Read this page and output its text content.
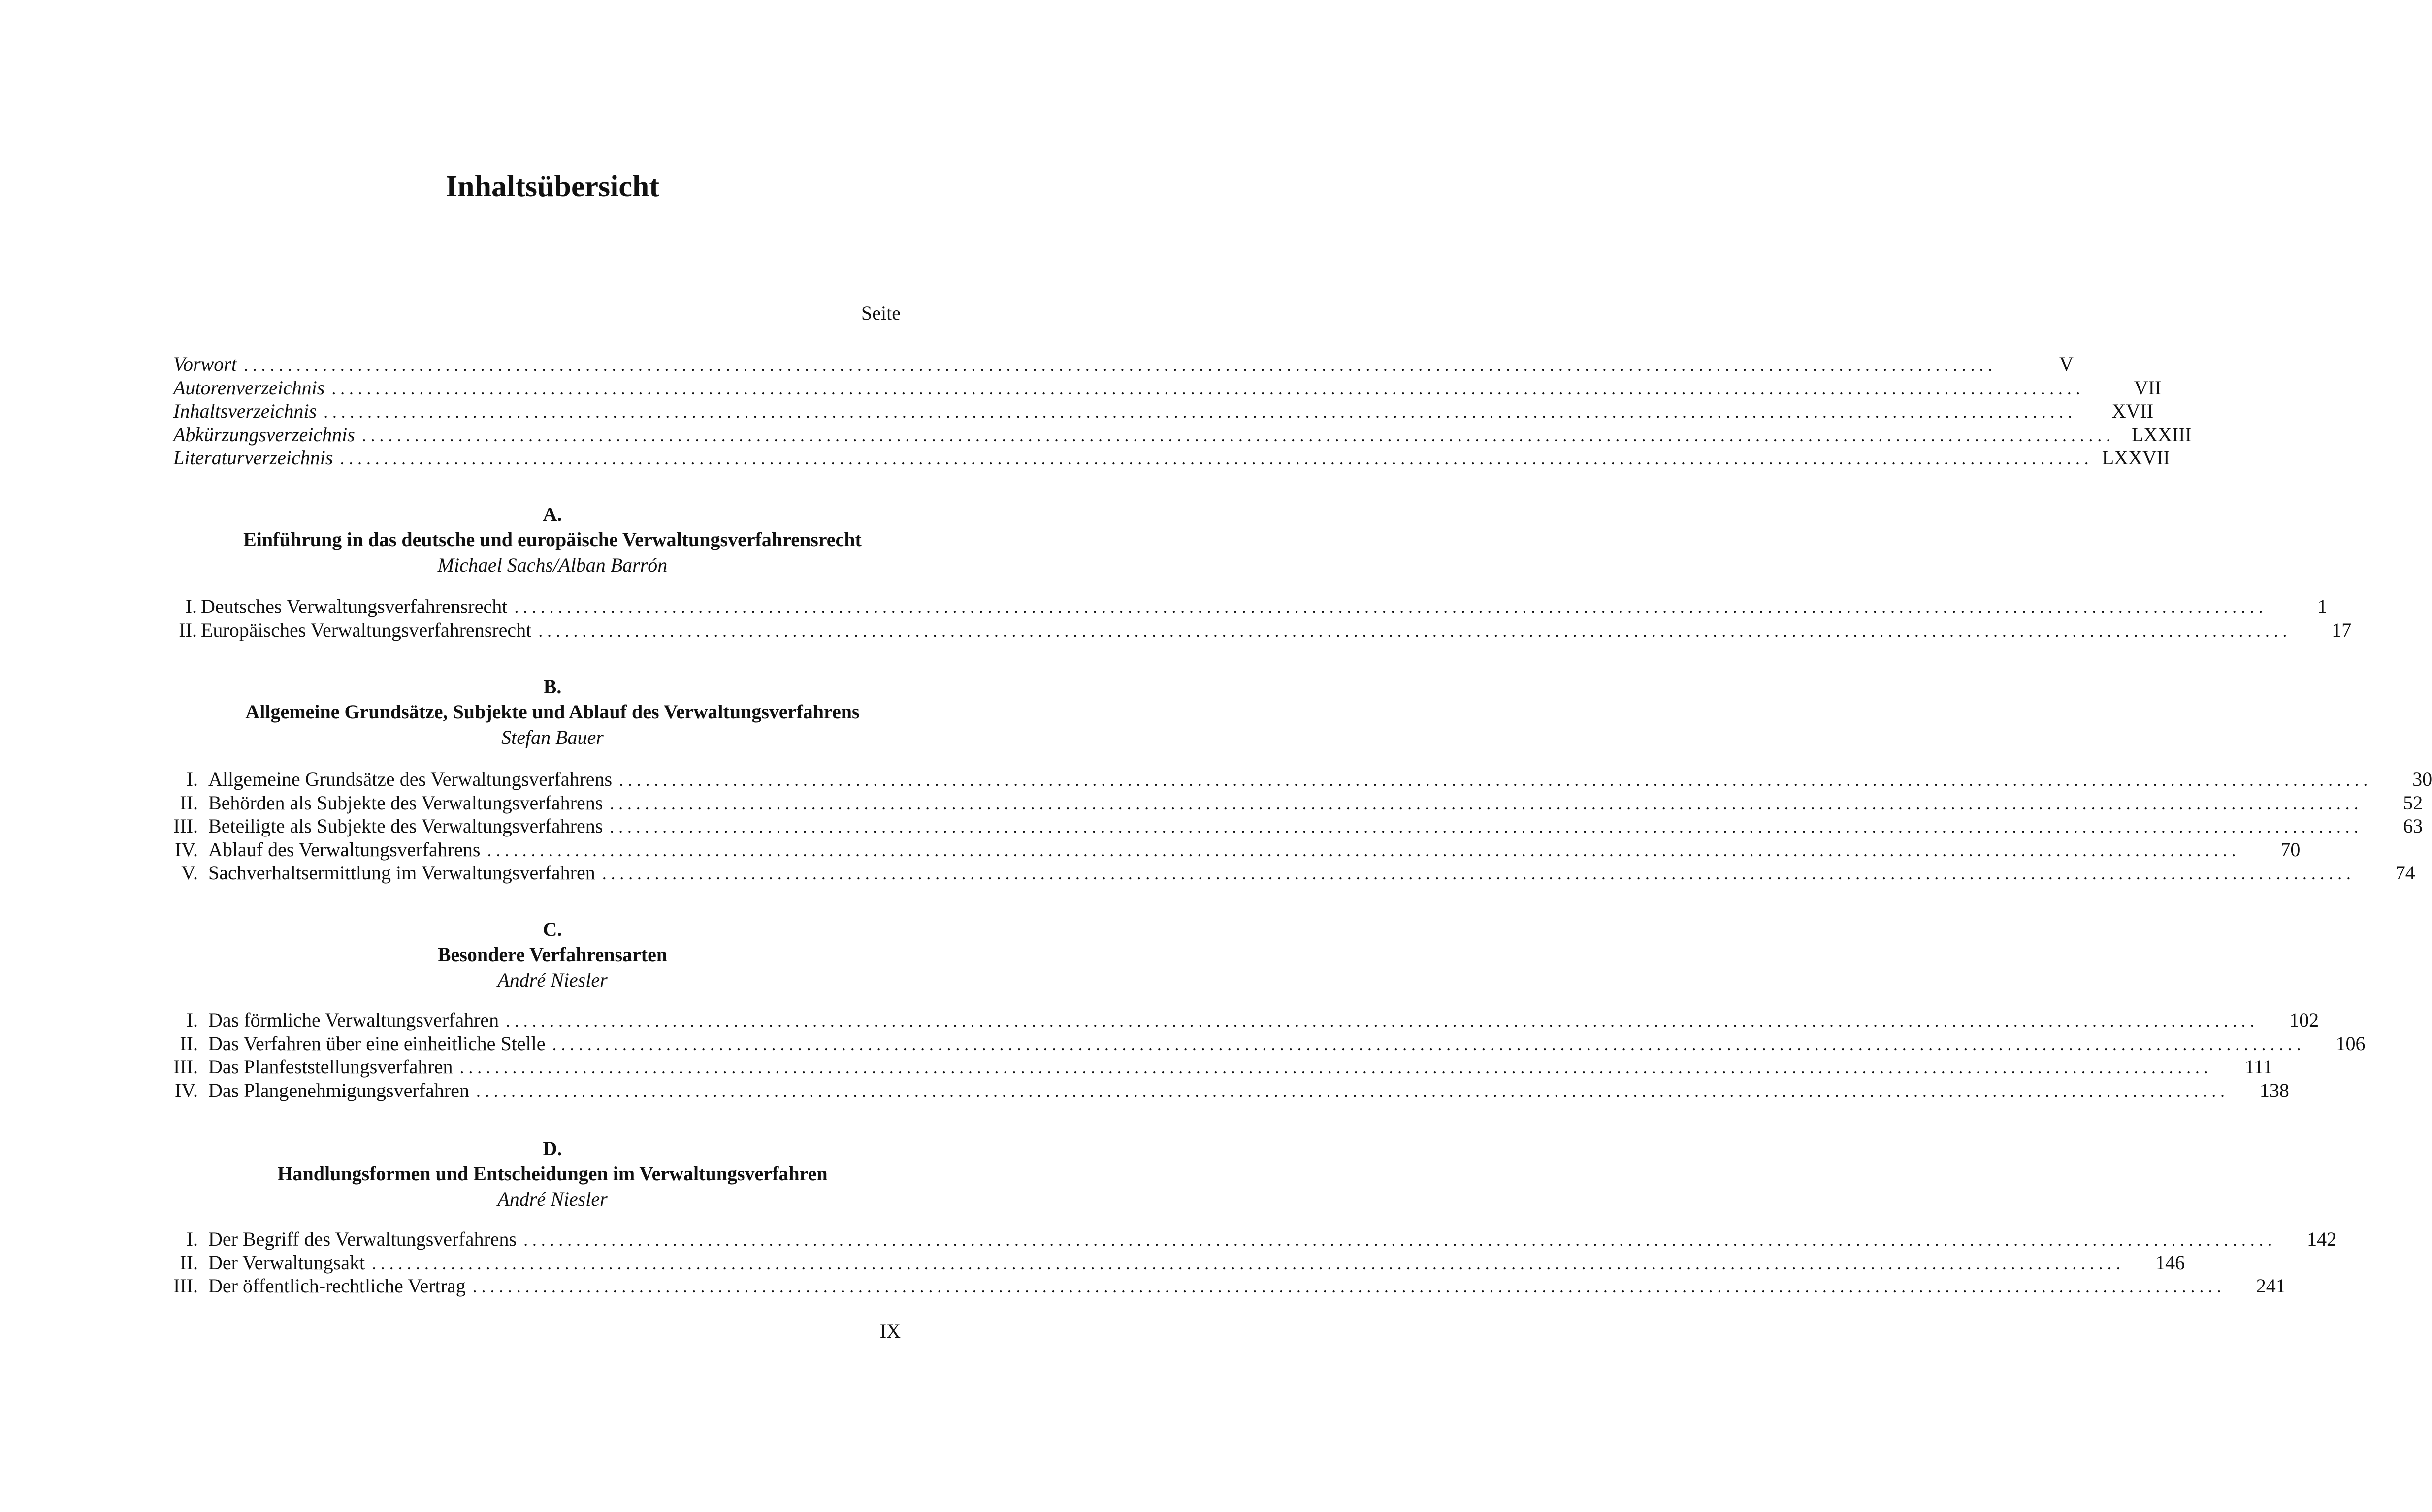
Inhaltsübersicht
Seite
Vorwort ........................................................................................................................................................................................................	V
Autorenverzeichnis ........................................................................................................................................................................................................	VII
Inhaltsverzeichnis ........................................................................................................................................................................................................	XVII
Abkürzungsverzeichnis ........................................................................................................................................................................................................ LXXIII
Literaturverzeichnis ........................................................................................................................................................................................................ LXXVII
A.
Einführung in das deutsche und europäische Verwaltungsverfahrensrecht
Michael Sachs/Alban Barrón
I. Deutsches Verwaltungsverfahrensrecht ........................................................................................................................................................................................................	1
II. Europäisches Verwaltungsverfahrensrecht ........................................................................................................................................................................................................	17
B.
Allgemeine Grundsätze, Subjekte und Ablauf des Verwaltungsverfahrens
Stefan Bauer
I. Allgemeine Grundsätze des Verwaltungsverfahrens ........................................................................................................................................................................................................	30
II. Behörden als Subjekte des Verwaltungsverfahrens ........................................................................................................................................................................................................	52
III. Beteiligte als Subjekte des Verwaltungsverfahrens ........................................................................................................................................................................................................	63
IV. Ablauf des Verwaltungsverfahrens ........................................................................................................................................................................................................	70
V. Sachverhaltsermittlung im Verwaltungsverfahren ........................................................................................................................................................................................................	74
C.
Besondere Verfahrensarten
André Niesler
I. Das förmliche Verwaltungsverfahren ........................................................................................................................................................................................................	102
II. Das Verfahren über eine einheitliche Stelle ........................................................................................................................................................................................................	106
III. Das Planfeststellungsverfahren ........................................................................................................................................................................................................	111
IV. Das Plangenehmigungsverfahren ........................................................................................................................................................................................................	138
D.
Handlungsformen und Entscheidungen im Verwaltungsverfahren
André Niesler
I. Der Begriff des Verwaltungsverfahrens ........................................................................................................................................................................................................	142
II. Der Verwaltungsakt ........................................................................................................................................................................................................	146
III. Der öffentlich-rechtliche Vertrag ........................................................................................................................................................................................................	241
IX
